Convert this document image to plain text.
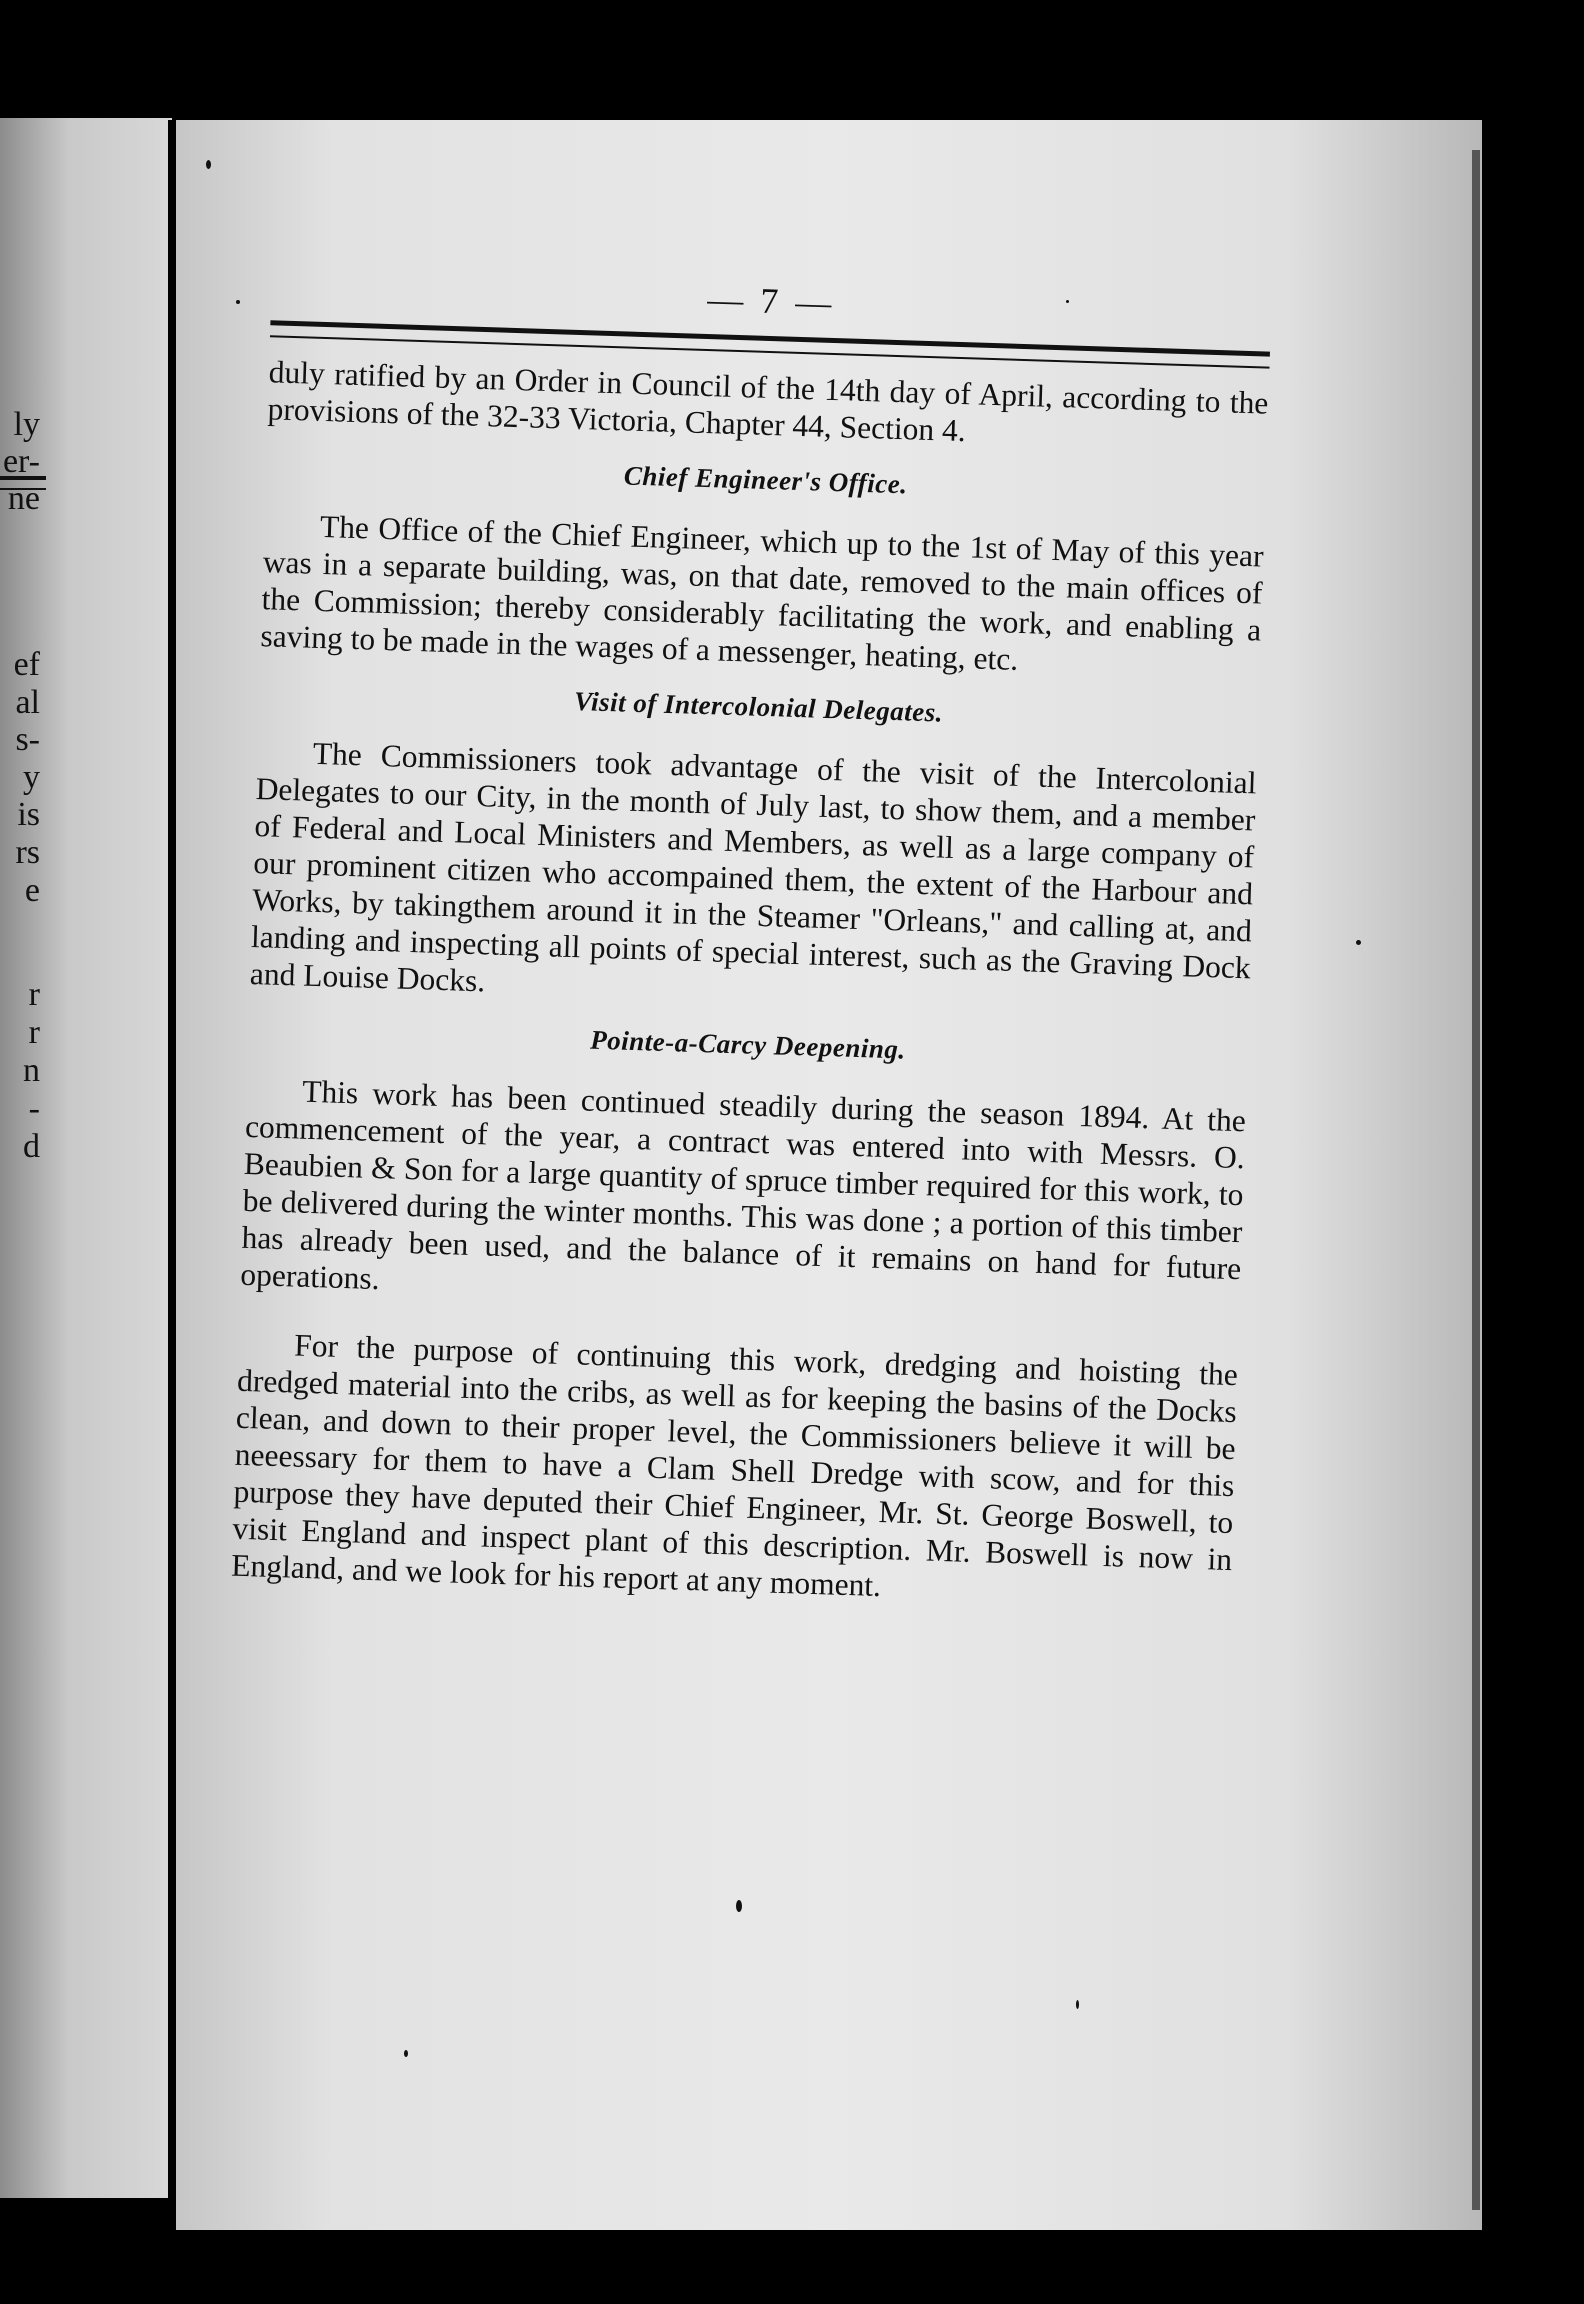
ly
er-
ne
ef
al
s-
y
is
rs
e
r
r
n
-
d
— 7 —

duly ratified by an Order in Council of the 14th day of April, according to the provisions of the 32-33 Victoria, Chapter 44, Section 4.

Chief Engineer's Office.

The Office of the Chief Engineer, which up to the 1st of May of this year was in a separate building, was, on that date, removed to the main offices of the Commission; thereby considerably facilitating the work, and enabling a saving to be made in the wages of a messenger, heating, etc.

Visit of Intercolonial Delegates.

The Commissioners took advantage of the visit of the Intercolonial Delegates to our City, in the month of July last, to show them, and a member of Federal and Local Ministers and Members, as well as a large company of our prominent citizen who accompained them, the extent of the Harbour and Works, by takingthem around it in the Steamer "Orleans," and calling at, and landing and inspecting all points of special interest, such as the Graving Dock and Louise Docks.

Pointe-a-Carcy Deepening.

This work has been continued steadily during the season 1894. At the commencement of the year, a contract was entered into with Messrs. O. Beaubien & Son for a large quantity of spruce timber required for this work, to be delivered during the winter months. This was done ; a portion of this timber has already been used, and the balance of it remains on hand for future operations.

For the purpose of continuing this work, dredging and hoisting the dredged material into the cribs, as well as for keeping the basins of the Docks clean, and down to their proper level, the Commissioners believe it will be neeessary for them to have a Clam Shell Dredge with scow, and for this purpose they have deputed their Chief Engineer, Mr. St. George Boswell, to visit England and inspect plant of this description. Mr. Boswell is now in England, and we look for his report at any moment.
